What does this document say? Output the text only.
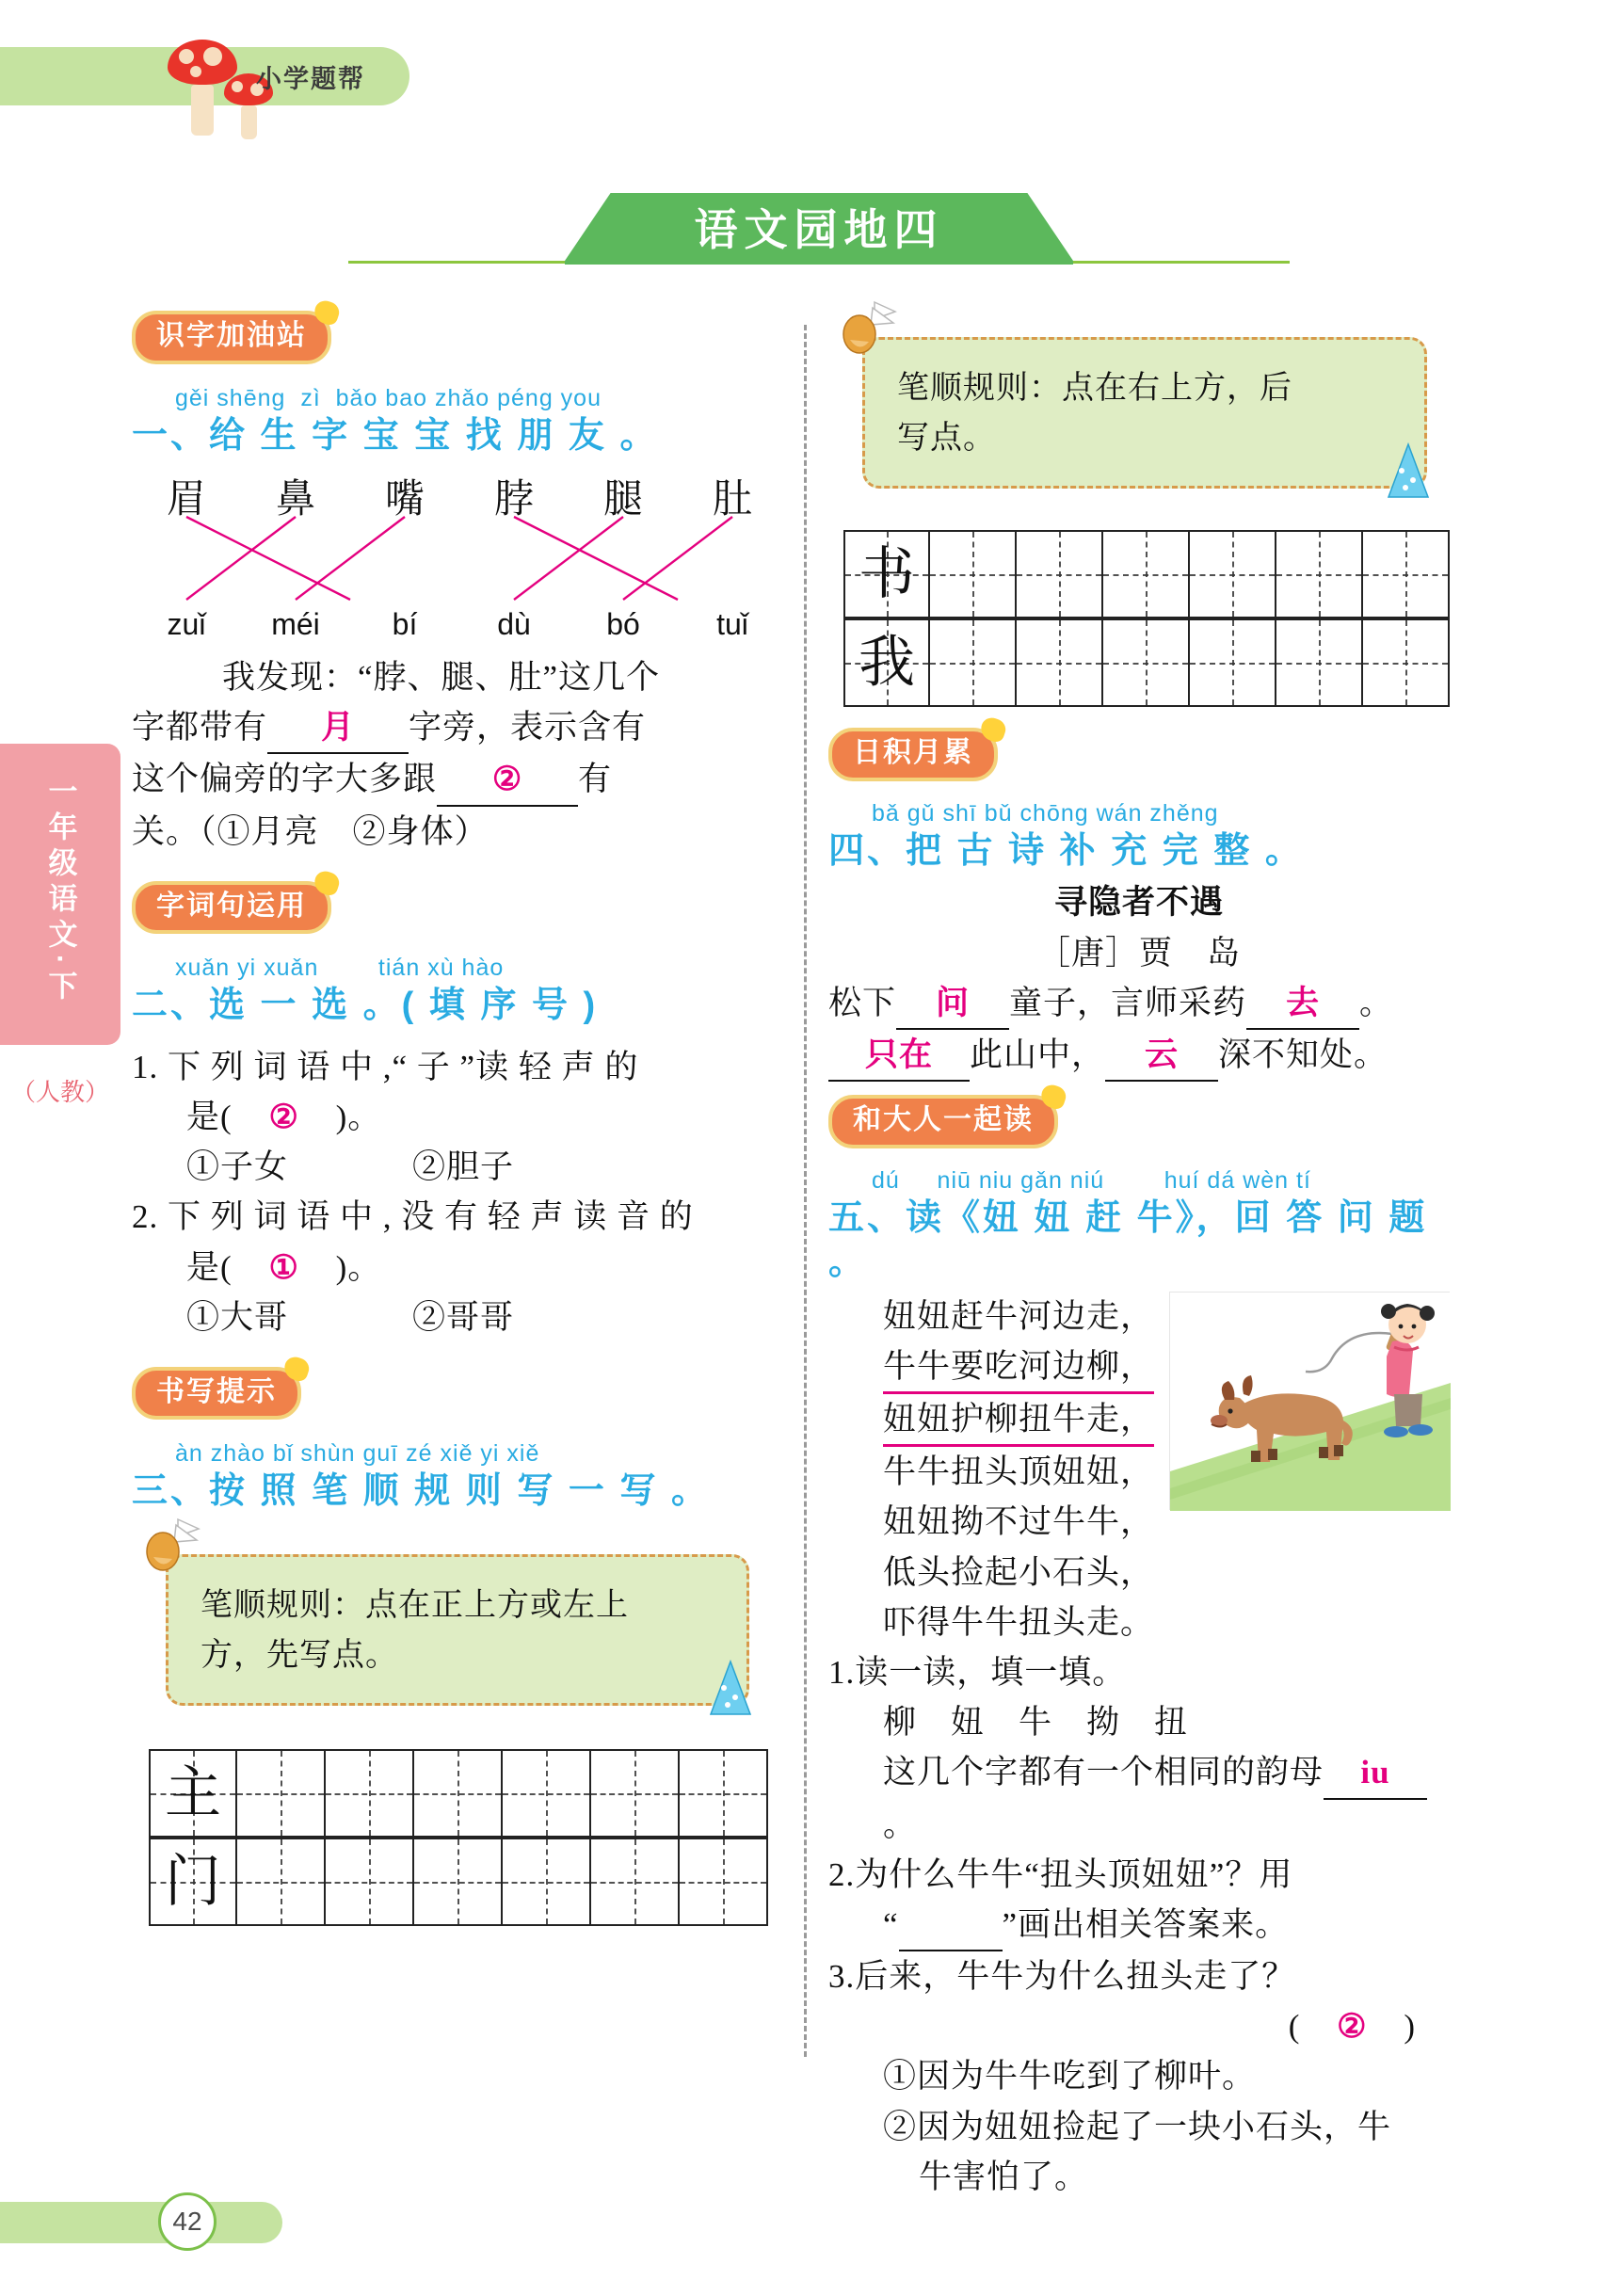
小学题帮
一年级语文·下
（人教）
语文园地四
识字加油站
gěi shēng  zì  bǎo bao zhǎo péng you
一、给 生 字 宝 宝 找 朋 友 。
眉	鼻	嘴	脖	腿	肚
zuǐ	méi	bí	dù	bó	tuǐ
我发现：“脖、腿、肚”这几个
字都带有 月 字旁，表示含有
这个偏旁的字大多跟 ② 有
关。（①月亮　②身体）
字词句运用
xuǎn yi xuǎn        tián xù hào
二、选 一 选 。( 填 序 号 )
1. 下 列 词 语 中 ,“ 子 ”读 轻 声 的
是( ② )。
①子女	②胆子
2. 下 列 词 语 中 , 没 有 轻 声 读 音 的
是( ① )。
①大哥	②哥哥
书写提示
àn zhào bǐ shùn guī zé xiě yi xiě
三、按 照 笔 顺 规 则 写 一 写 。
笔顺规则：点在正上方或左上
方，先写点。
主
门
笔顺规则：点在右上方，后
写点。
书
我
日积月累
bǎ gǔ shī bǔ chōng wán zhěng
四、把 古 诗 补 充 完 整 。
寻隐者不遇
［唐］贾　岛
松下 问 童子，言师采药 去 。
只在 此山中， 云 深不知处。
和大人一起读
dú     niū niu gǎn niú        huí dá wèn tí
五、读《妞 妞 赶 牛》，回 答 问 题 。
妞妞赶牛河边走，
牛牛要吃河边柳，
妞妞护柳扭牛走，
牛牛扭头顶妞妞，
妞妞拗不过牛牛，
低头捡起小石头，
吓得牛牛扭头走。
1.读一读，填一填。
柳　妞　牛　拗　扭
这几个字都有一个相同的韵母 iu。
2.为什么牛牛“扭头顶妞妞”？用
“	”画出相关答案来。
3.后来，牛牛为什么扭头走了？
( ② )
①因为牛牛吃到了柳叶。
②因为妞妞捡起了一块小石头，牛
牛害怕了。
42
